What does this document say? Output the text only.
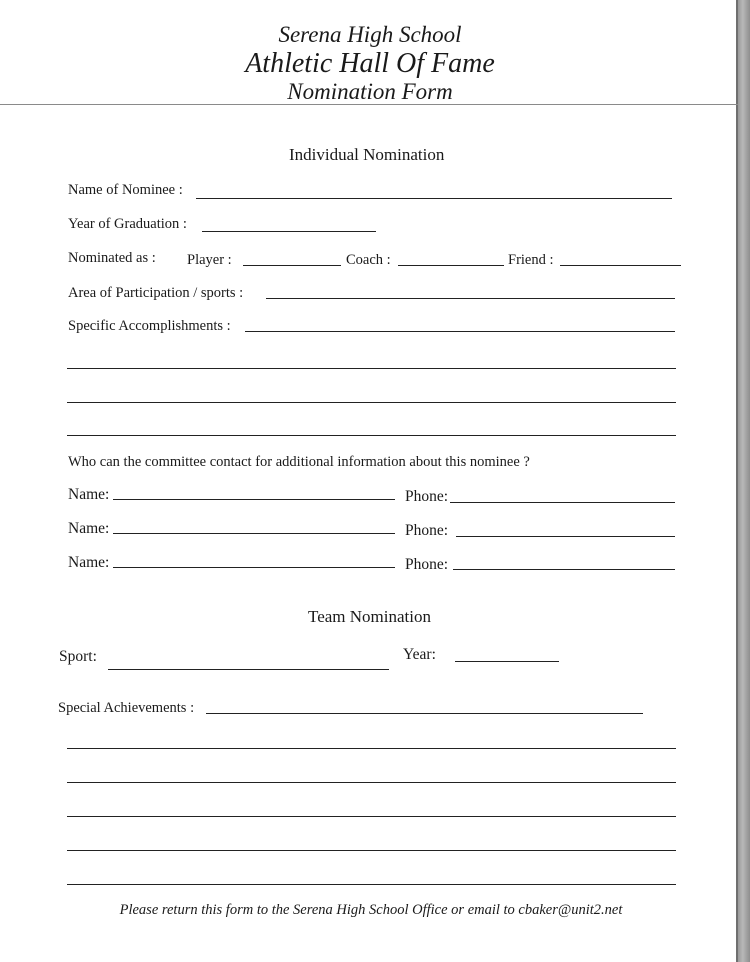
Serena High School
Athletic Hall Of Fame
Nomination Form
Individual Nomination
Name of Nominee :
Year of Graduation :
Nominated as : Player :	Coach :	Friend :
Area of Participation / sports :
Specific Accomplishments :
Who can the committee contact for additional information about this nominee ?
Name:	Phone:
Name:	Phone:
Name:	Phone:
Team Nomination
Sport:	Year:
Special Achievements :
Please return this form to the Serena High School Office or email to cbaker@unit2.net
